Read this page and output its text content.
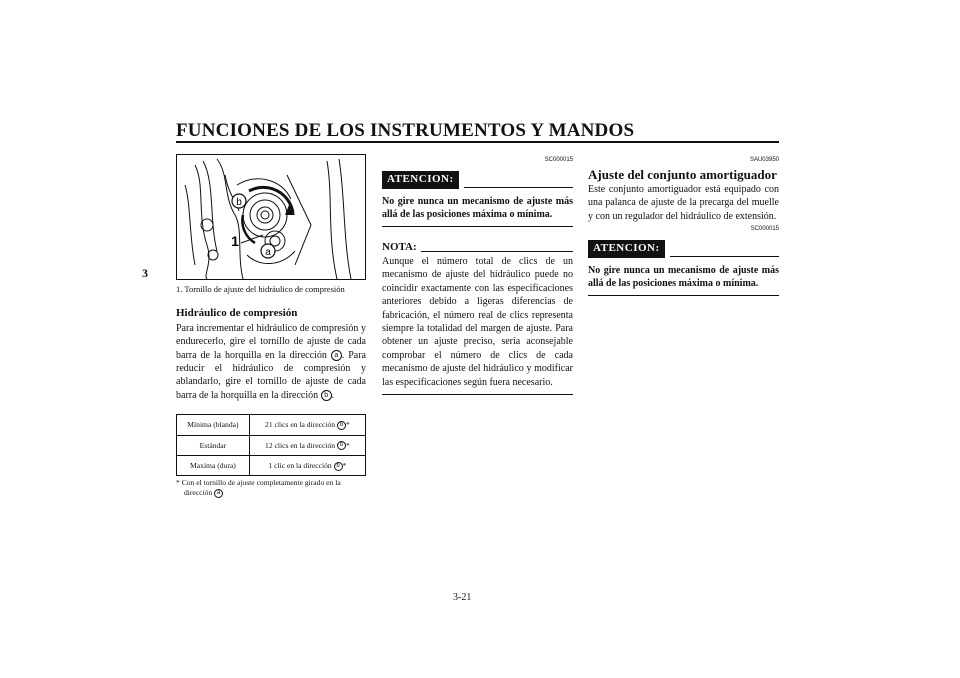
FUNCIONES DE LOS INSTRUMENTOS Y MANDOS
3
b
1
a
1. Tornillo de ajuste del hidráulico de compresión
Hidráulico de compresión

Para incrementar el hidráulico de compresión y endurecerlo, gire el tornillo de ajuste de cada barra de la horquilla en la dirección a . Para reducir el hidráulico de compresión y ablandarlo, gire el tornillo de ajuste de cada barra de la horquilla en la dirección b .

Mínima (blanda)	21 clics en la dirección b *
Estándar	12 clics en la dirección b *
Maxima (dura)	1 clic en la dirección b *
* Con el tornillo de ajuste completamente girado en la
dirección a
SC000015
ATENCION:
No gire nunca un mecanismo de ajuste más allá de las posiciones máxima o mínima.
NOTA:

Aunque el número total de clics de un mecanismo de ajuste del hidráulico puede no coincidir exactamente con las especificaciones anteriores debido a ligeras diferencias de fabricación, el número real de clics representa siempre la totalidad del margen de ajuste. Para obtener un ajuste preciso, sería aconsejable comprobar el número de clics de cada mecanismo de ajuste del hidráulico y modificar las especificaciones según fuera necesario.

SAU03950
Ajuste del conjunto amortiguador

Este conjunto amortiguador está equipado con una palanca de ajuste de la precarga del muelle y con un regulador del hidráulico de extensión.

SC000015
ATENCION:
No gire nunca un mecanismo de ajuste más allá de las posiciones máxima o mínima.
3-21
